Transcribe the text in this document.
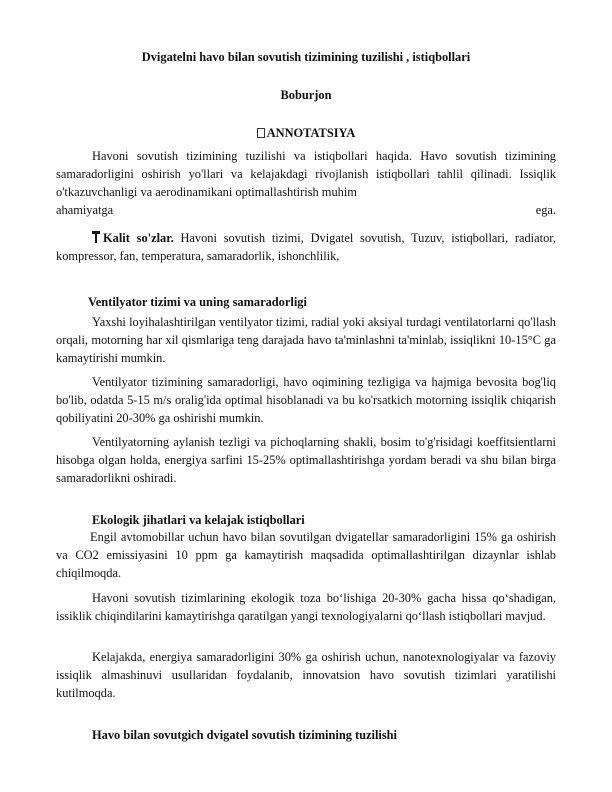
Dvigatelni havo bilan sovutish tizimining tuzilishi , istiqbollari
Boburjon
ANNOTATSIYA
Havoni sovutish tizimining tuzilishi va istiqbollari haqida. Havo sovutish tizimining samaradorligini oshirish yo'llari va kelajakdagi rivojlanish istiqbollari tahlil qilinadi. Issiqlik o'tkazuvchanligi va aerodinamikani optimallashtirish muhim
ahamiyatga	ega.
Kalit so'zlar. Havoni sovutish tizimi, Dvigatel sovutish, Tuzuv, istiqbollari, radiator, kompressor, fan, temperatura, samaradorlik, ishonchlilik,
Ventilyator tizimi va uning samaradorligi
Yaxshi loyihalashtirilgan ventilyator tizimi, radial yoki aksiyal turdagi ventilatorlarni qo'llash orqali, motorning har xil qismlariga teng darajada havo ta'minlashni ta'minlab, issiqlikni 10-15°C ga kamaytirishi mumkin.
Ventilyator tizimining samaradorligi, havo oqimining tezligiga va hajmiga bevosita bog'liq bo'lib, odatda 5-15 m/s oralig'ida optimal hisoblanadi va bu ko'rsatkich motorning issiqlik chiqarish qobiliyatini 20-30% ga oshirishi mumkin.
Ventilyatorning aylanish tezligi va pichoqlarning shakli, bosim to'g'risidagi koeffitsientlarni hisobga olgan holda, energiya sarfini 15-25% optimallashtirishga yordam beradi va shu bilan birga samaradorlikni oshiradi.
Ekologik jihatlari va kelajak istiqbollari
Engil avtomobillar uchun havo bilan sovutilgan dvigatellar samaradorligini 15% ga oshirish va CO2 emissiyasini 10 ppm ga kamaytirish maqsadida optimallashtirilgan dizaynlar ishlab chiqilmoqda.
Havoni sovutish tizimlarining ekologik toza bo‘lishiga 20-30% gacha hissa qo‘shadigan, issiklik chiqindilarini kamaytirishga qaratilgan yangi texnologiyalarni qo‘llash istiqbollari mavjud.
Kelajakda, energiya samaradorligini 30% ga oshirish uchun, nanotexnologiyalar va fazoviy issiqlik almashinuvi usullaridan foydalanib, innovatsion havo sovutish tizimlari yaratilishi kutilmoqda.
Havo bilan sovutgich dvigatel sovutish tizimining tuzilishi
